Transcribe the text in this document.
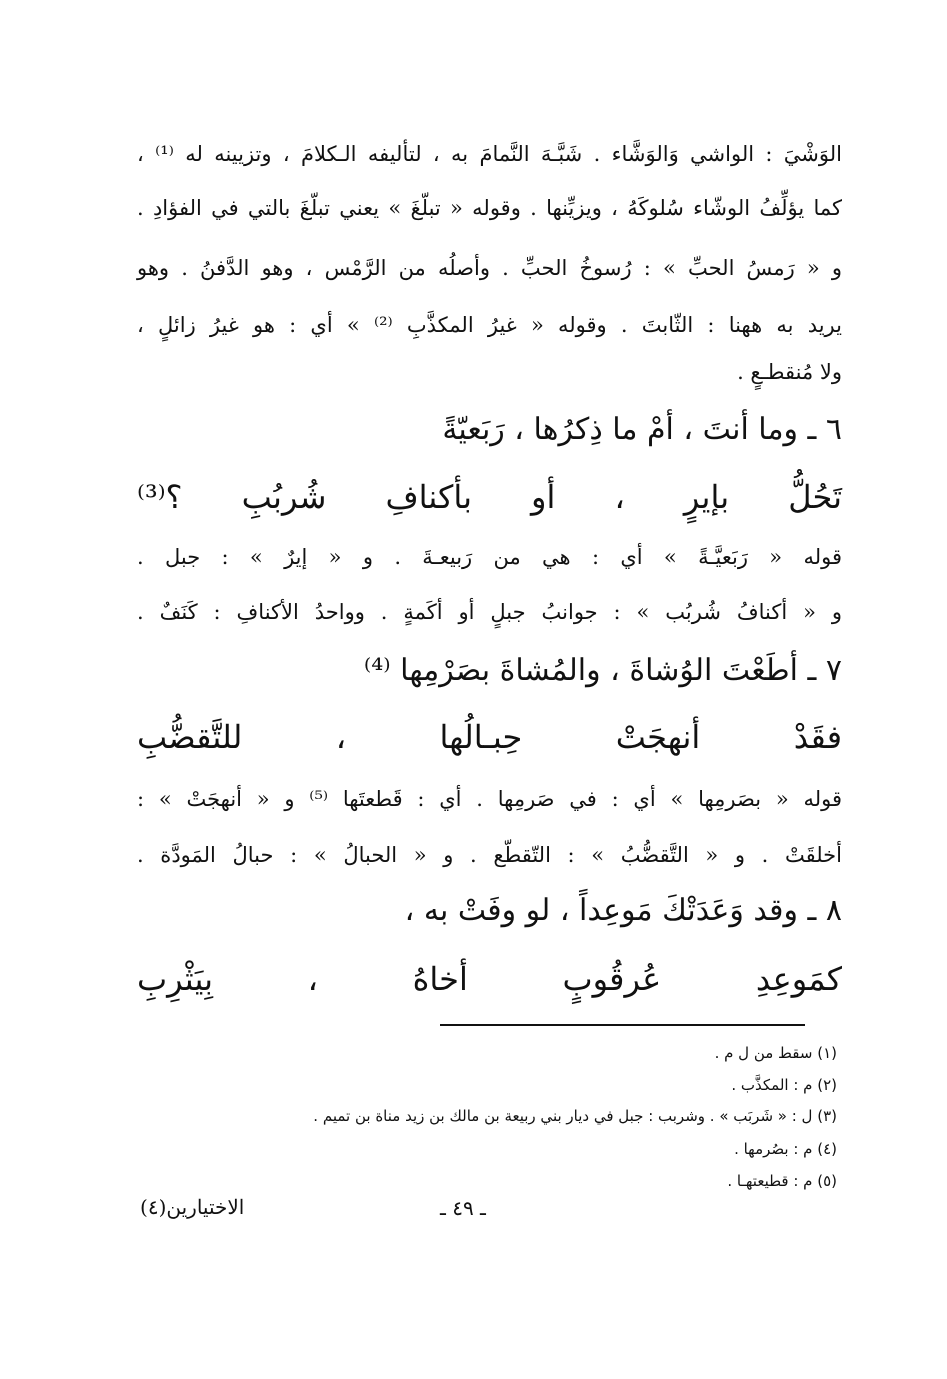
الوَشْيَ : الواشي وَالوَشَّاء . شَبَّـهَ النَّمامَ به ، لتأليفه الـكلامَ ، وتزيينه له ⁽¹⁾ ،
كما يؤلِّفُ الوشّاء سُلوكَهُ ، ويزيِّنها . وقوله « تبلّغَ » يعني تبلّغَ بالتي في الفؤادِ .
و « رَمسُ الحبِّ » : رُسوخُ الحبِّ . وأصلُه من الرَّمْس ، وهو الدَّفنُ . وهو
يريد به ههنا : الثّابتَ . وقوله « غيرُ المكذَّبِ ⁽²⁾ » أي : هو غيرُ زائلٍ ،
ولا مُنقطـعٍ .
٦ ـ وما أنتَ ، أمْ ما ذِكرُها ، رَبَعيّةً
تَحُلُّ بإيرٍ ، أو بأكنافِ شُربُبِ ؟⁽³⁾
قوله « رَبَعيَّـةً » أي : هي من رَبيعـةَ . و « إيرٌ » : جبل .
و « أكنافُ شُربُب » : جوانبُ جبلٍ أو أكَمةٍ . وواحدُ الأكنافِ : كَنَفٌ .
٧ ـ أطَعْتَ الوُشاةَ ، والمُشاةَ بصَرْمِها ⁽⁴⁾
فقَدْ أنهجَتْ حِبـالُها ، للتَّقضُّبِ
قوله « بصَرمِها » أي : في صَرمِها . أي : قَطعتَها ⁽⁵⁾ و « أنهجَتْ » :
أخلقَتْ . و « التَّقضُّبُ » : التّقطّع . و « الحبالُ » : حبالُ المَودَّة .
٨ ـ وقد وَعَدَتْكَ مَوعِداً ، لو وفَتْ به ،
كمَوعِدِ عُرقُوبٍ أخاهُ ، بِيَثْرِبِ
(١) سقط من ل م .
(٢) م : المكذَّب .
(٣) ل : « شَربَب » . وشربب : جبل في ديار بني ربيعة بن مالك بن زيد مناة بن تميم .
(٤) م : بصُرمها .
(٥) م : قطيعتهـا .
الاختيارين(٤)	ـ ٤٩ ـ
